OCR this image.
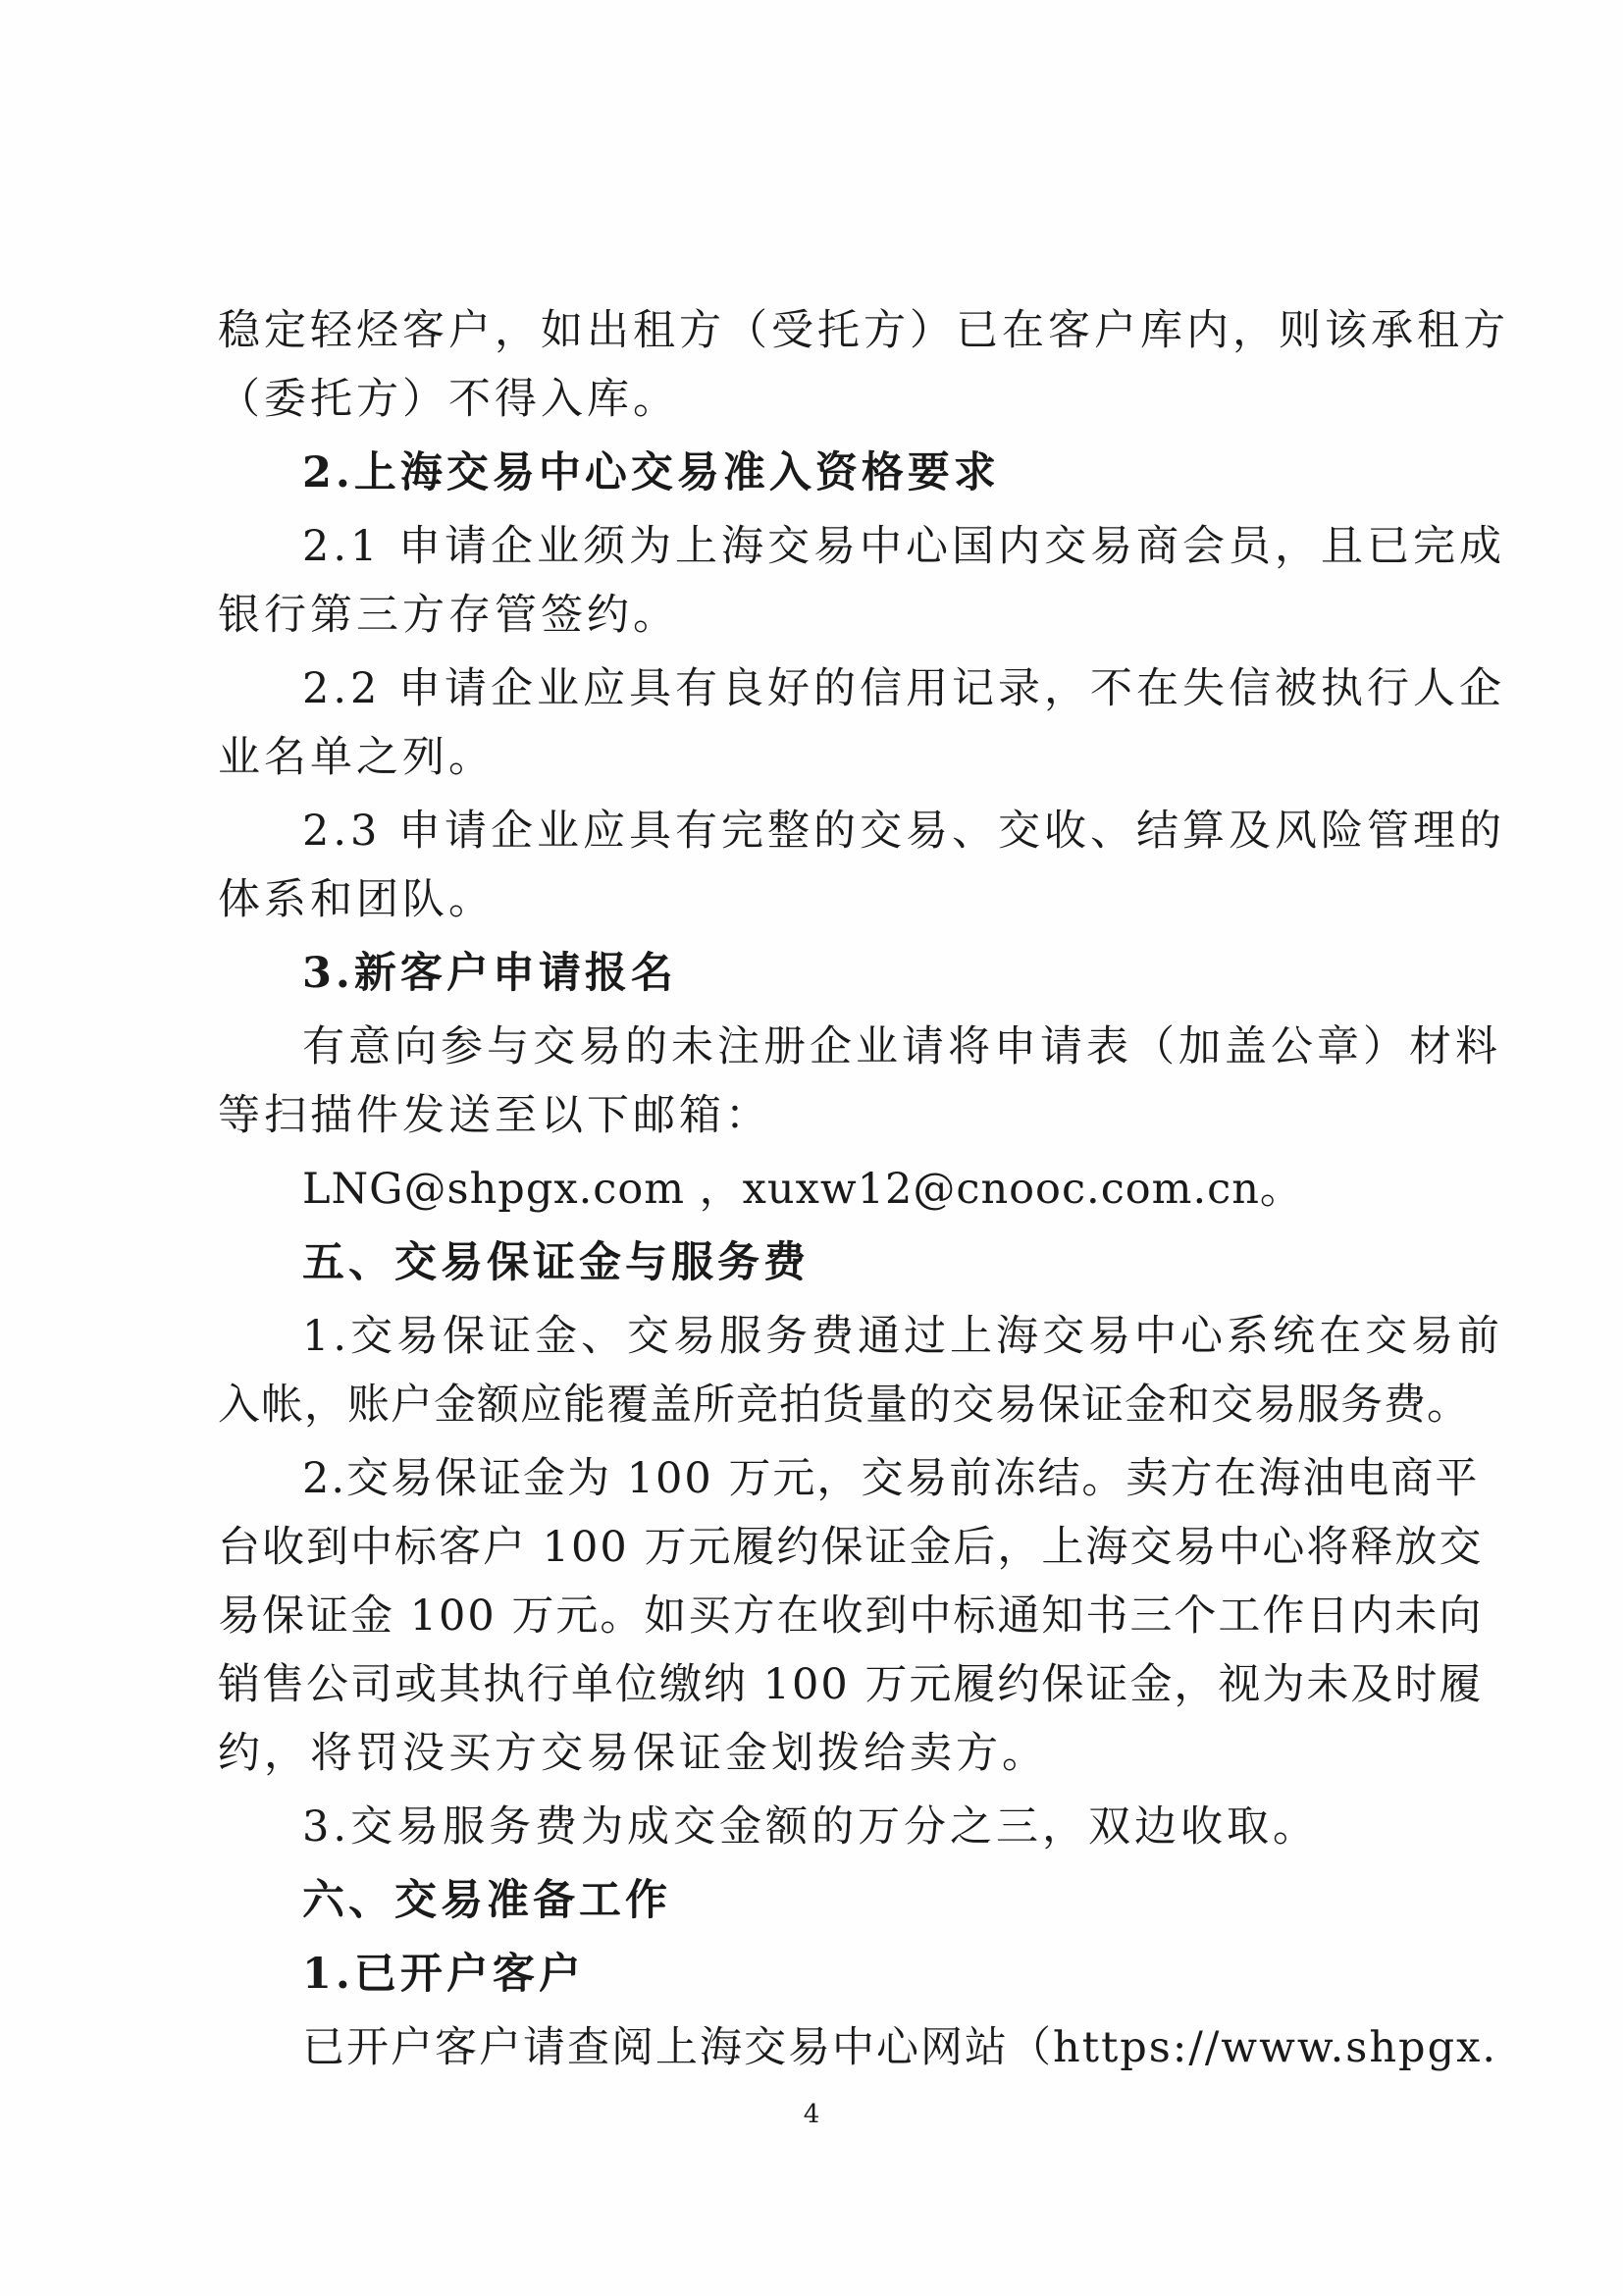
稳定轻烃客户，如出租方（受托方）已在客户库内，则该承租方
（委托方）不得入库。
2.上海交易中心交易准入资格要求
2.1 申请企业须为上海交易中心国内交易商会员，且已完成
银行第三方存管签约。
2.2 申请企业应具有良好的信用记录，不在失信被执行人企
业名单之列。
2.3 申请企业应具有完整的交易、交收、结算及风险管理的
体系和团队。
3.新客户申请报名
有意向参与交易的未注册企业请将申请表（加盖公章）材料
等扫描件发送至以下邮箱：
LNG@shpgx.com ，xuxw12@cnooc.com.cn。
五、交易保证金与服务费
1.交易保证金、交易服务费通过上海交易中心系统在交易前
入帐，账户金额应能覆盖所竞拍货量的交易保证金和交易服务费。
2.交易保证金为 100 万元，交易前冻结。卖方在海油电商平
台收到中标客户 100 万元履约保证金后，上海交易中心将释放交
易保证金 100 万元。如买方在收到中标通知书三个工作日内未向
销售公司或其执行单位缴纳 100 万元履约保证金，视为未及时履
约，将罚没买方交易保证金划拨给卖方。
3.交易服务费为成交金额的万分之三，双边收取。
六、交易准备工作
1.已开户客户
已开户客户请查阅上海交易中心网站（https://www.shpgx.
4
